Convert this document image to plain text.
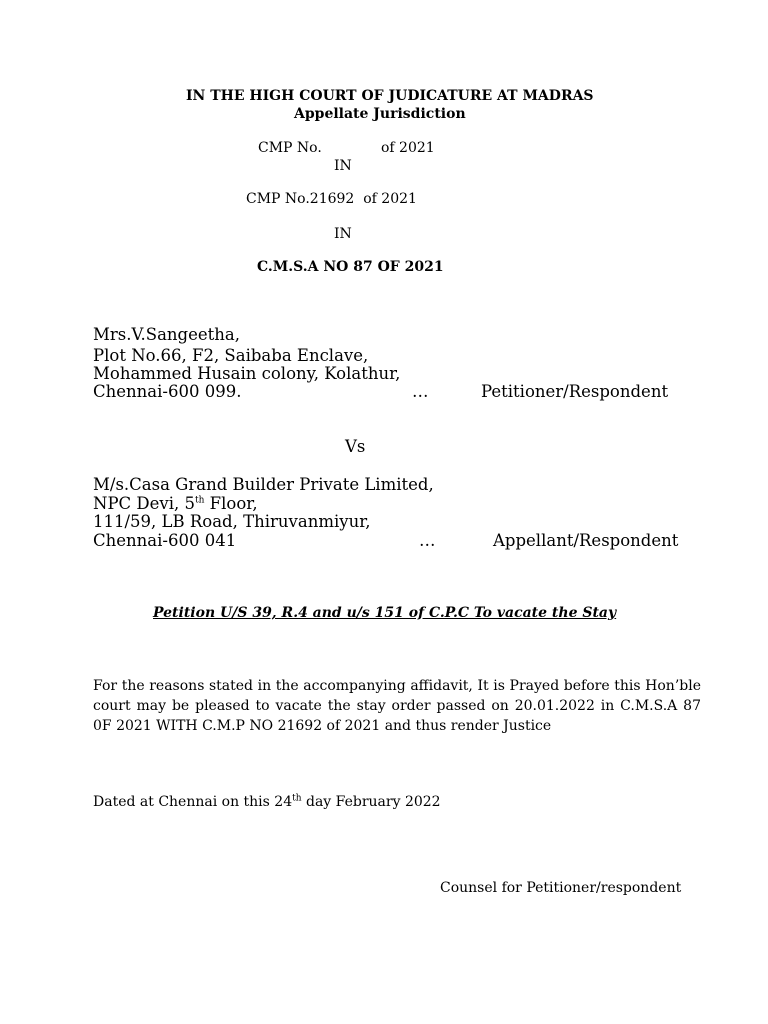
IN THE HIGH COURT OF JUDICATURE AT MADRAS
Appellate Jurisdiction
CMP No.	of 2021
IN
CMP No.21692  of 2021
IN
C.M.S.A NO 87 OF 2021
Mrs.V.Sangeetha,
Plot No.66, F2, Saibaba Enclave,
Mohammed Husain colony, Kolathur,
Chennai-600 099.	…	Petitioner/Respondent
Vs
M/s.Casa Grand Builder Private Limited,
NPC Devi, 5th Floor,
111/59, LB Road, Thiruvanmiyur,
Chennai-600 041	…	Appellant/Respondent
Petition U/S 39, R.4 and u/s 151 of C.P.C To vacate the Stay
For the reasons stated in the accompanying affidavit, It is Prayed before this Hon’ble court may be pleased to vacate the stay order passed on 20.01.2022 in C.M.S.A 87 0F 2021 WITH C.M.P NO 21692 of 2021 and thus render Justice
Dated at Chennai on this 24th day February 2022
Counsel for Petitioner/respondent
